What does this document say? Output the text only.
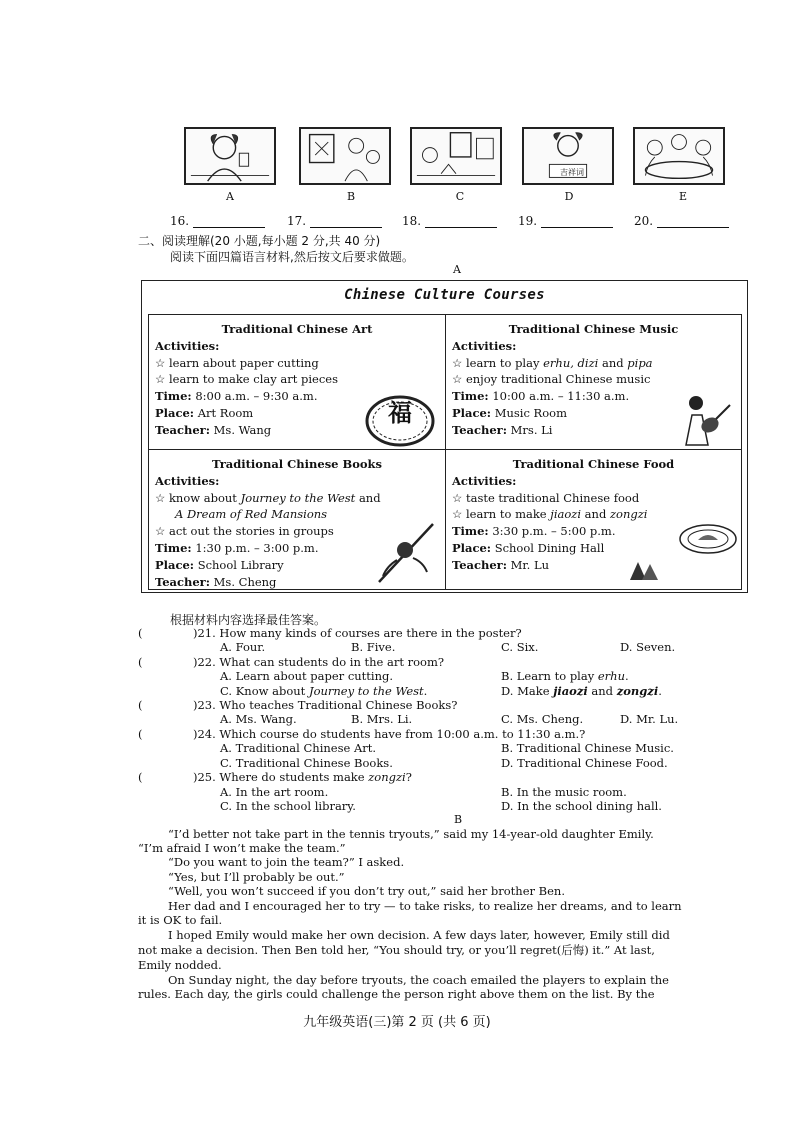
吉祥词
A	B	C	D	E
16.	17.	18.	19.	20.
二、阅读理解(20 小题,每小题 2 分,共 40 分)
阅读下面四篇语言材料,然后按文后要求做题。
A
Chinese Culture Courses
Traditional Chinese Art
Activities:
☆ learn about paper cutting
☆ learn to make clay art pieces
Time: 8:00 a.m. – 9:30 a.m.
Place: Art Room
Teacher: Ms. Wang
福
Traditional Chinese Music
Activities:
☆ learn to play erhu, dizi and pipa
☆ enjoy traditional Chinese music
Time: 10:00 a.m. – 11:30 a.m.
Place: Music Room
Teacher: Mrs. Li
Traditional Chinese Books
Activities:
☆ know about Journey to the West and
A Dream of Red Mansions
☆ act out the stories in groups
Time: 1:30 p.m. – 3:00 p.m.
Place: School Library
Teacher: Ms. Cheng
Traditional Chinese Food
Activities:
☆ taste traditional Chinese food
☆ learn to make jiaozi and zongzi
Time: 3:30 p.m. – 5:00 p.m.
Place: School Dining Hall
Teacher: Mr. Lu
根据材料内容选择最佳答案。
(	)21. How many kinds of courses are there in the poster?
A. Four.	B. Five.	C. Six.	D. Seven.
(	)22. What can students do in the art room?
A. Learn about paper cutting.	B. Learn to play erhu.
C. Know about Journey to the West.	D. Make jiaozi and zongzi.
(	)23. Who teaches Traditional Chinese Books?
A. Ms. Wang.	B. Mrs. Li.	C. Ms. Cheng.	D. Mr. Lu.
(	)24. Which course do students have from 10:00 a.m. to 11:30 a.m.?
A. Traditional Chinese Art.	B. Traditional Chinese Music.
C. Traditional Chinese Books.	D. Traditional Chinese Food.
(	)25. Where do students make zongzi?
A. In the art room.	B. In the music room.
C. In the school library.	D. In the school dining hall.
B
“I’d better not take part in the tennis tryouts,” said my 14-year-old daughter Emily.
“I’m afraid I won’t make the team.”
“Do you want to join the team?” I asked.
“Yes, but I’ll probably be out.”
“Well, you won’t succeed if you don’t try out,” said her brother Ben.
Her dad and I encouraged her to try — to take risks, to realize her dreams, and to learn
it is OK to fail.
I hoped Emily would make her own decision. A few days later, however, Emily still did
not make a decision. Then Ben told her, “You should try, or you’ll regret(后悔) it.” At last,
Emily nodded.
On Sunday night, the day before tryouts, the coach emailed the players to explain the
rules. Each day, the girls could challenge the person right above them on the list. By the
九年级英语(三)第 2 页 (共 6 页)
